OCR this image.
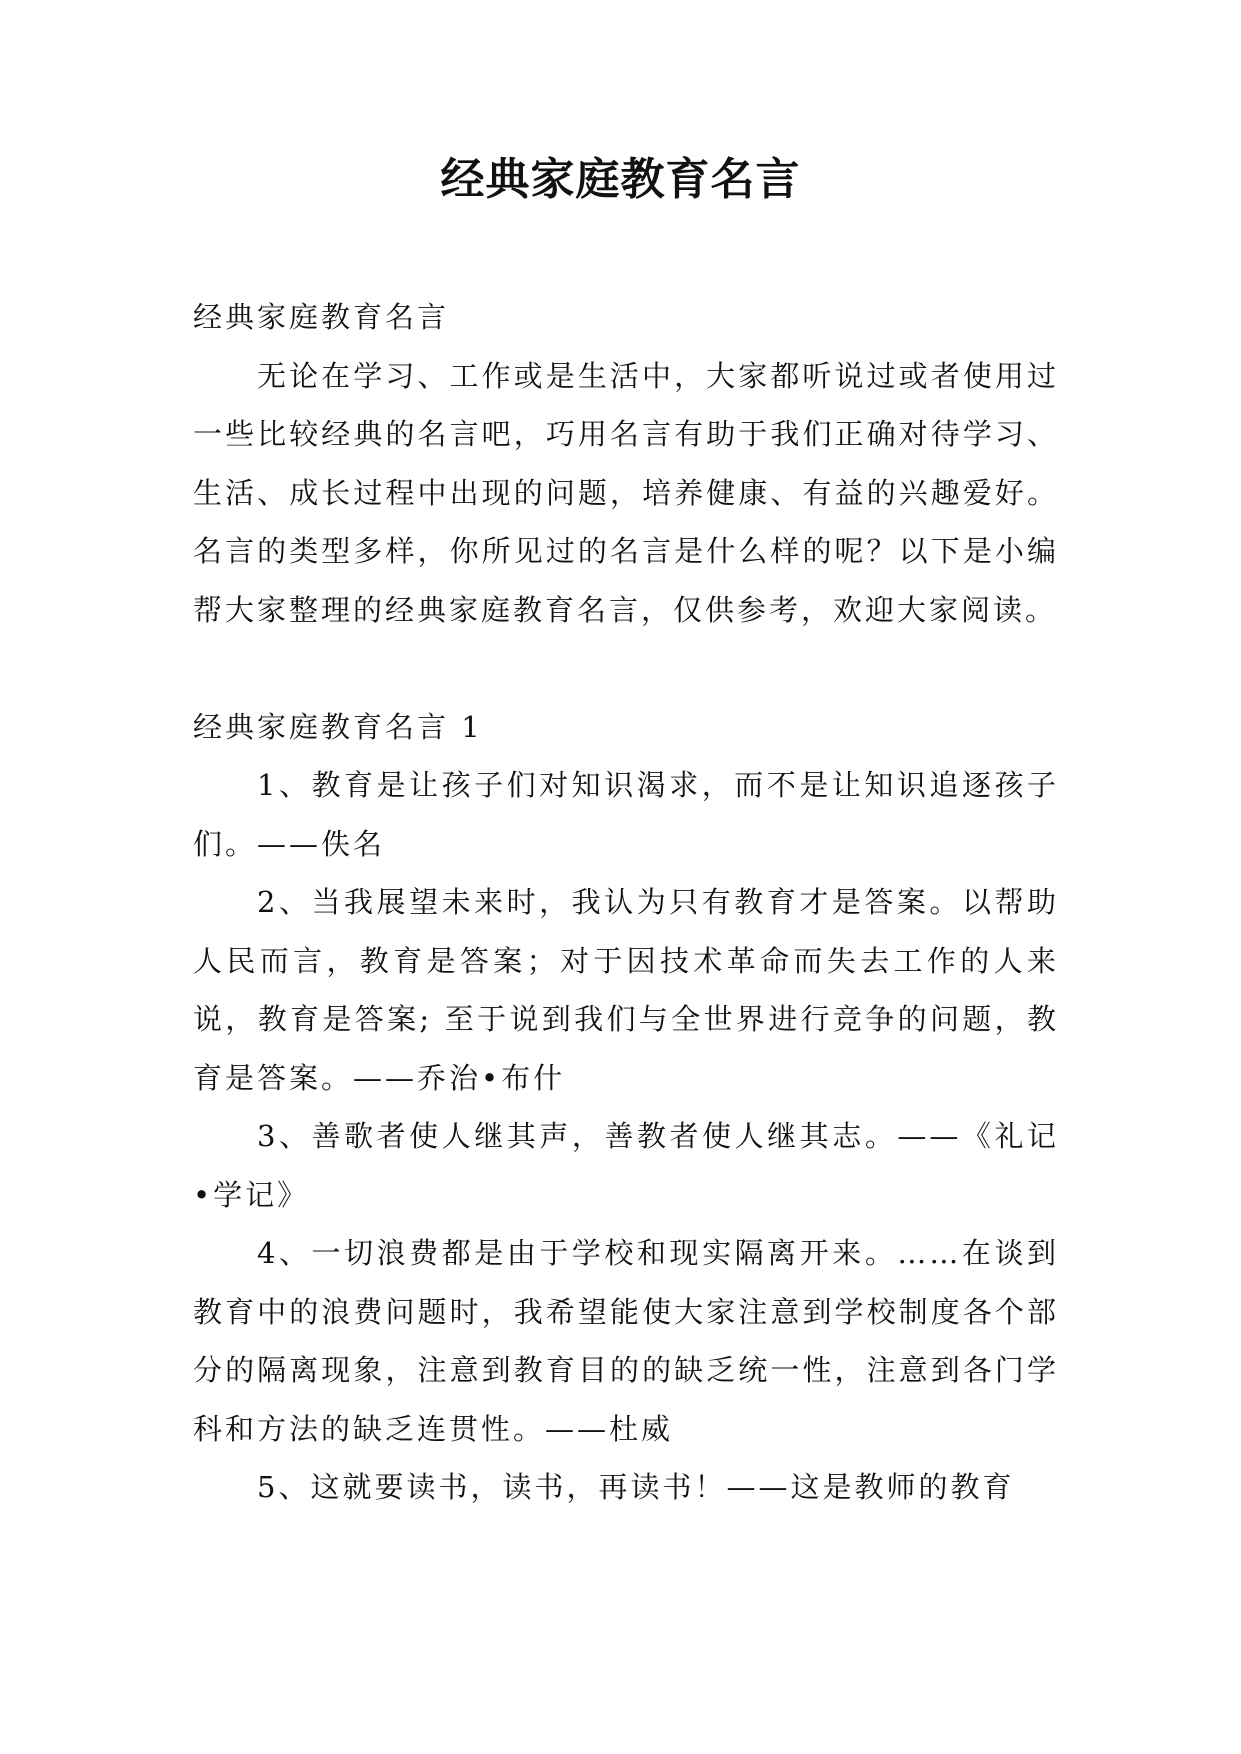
经典家庭教育名言

经典家庭教育名言

无论在学习、工作或是生活中，大家都听说过或者使用过一些比较经典的名言吧，巧用名言有助于我们正确对待学习、生活、成长过程中出现的问题，培养健康、有益的兴趣爱好。名言的类型多样，你所见过的名言是什么样的呢？以下是小编帮大家整理的经典家庭教育名言，仅供参考，欢迎大家阅读。

经典家庭教育名言 1

1、教育是让孩子们对知识渴求，而不是让知识追逐孩子们。——佚名

2、当我展望未来时，我认为只有教育才是答案。以帮助人民而言，教育是答案；对于因技术革命而失去工作的人来说，教育是答案; 至于说到我们与全世界进行竞争的问题，教育是答案。——乔治•布什

3、善歌者使人继其声，善教者使人继其志。——《礼记•学记》

4、一切浪费都是由于学校和现实隔离开来。……在谈到教育中的浪费问题时，我希望能使大家注意到学校制度各个部分的隔离现象，注意到教育目的的缺乏统一性，注意到各门学科和方法的缺乏连贯性。——杜威

5、这就要读书，读书，再读书！——这是教师的教育
